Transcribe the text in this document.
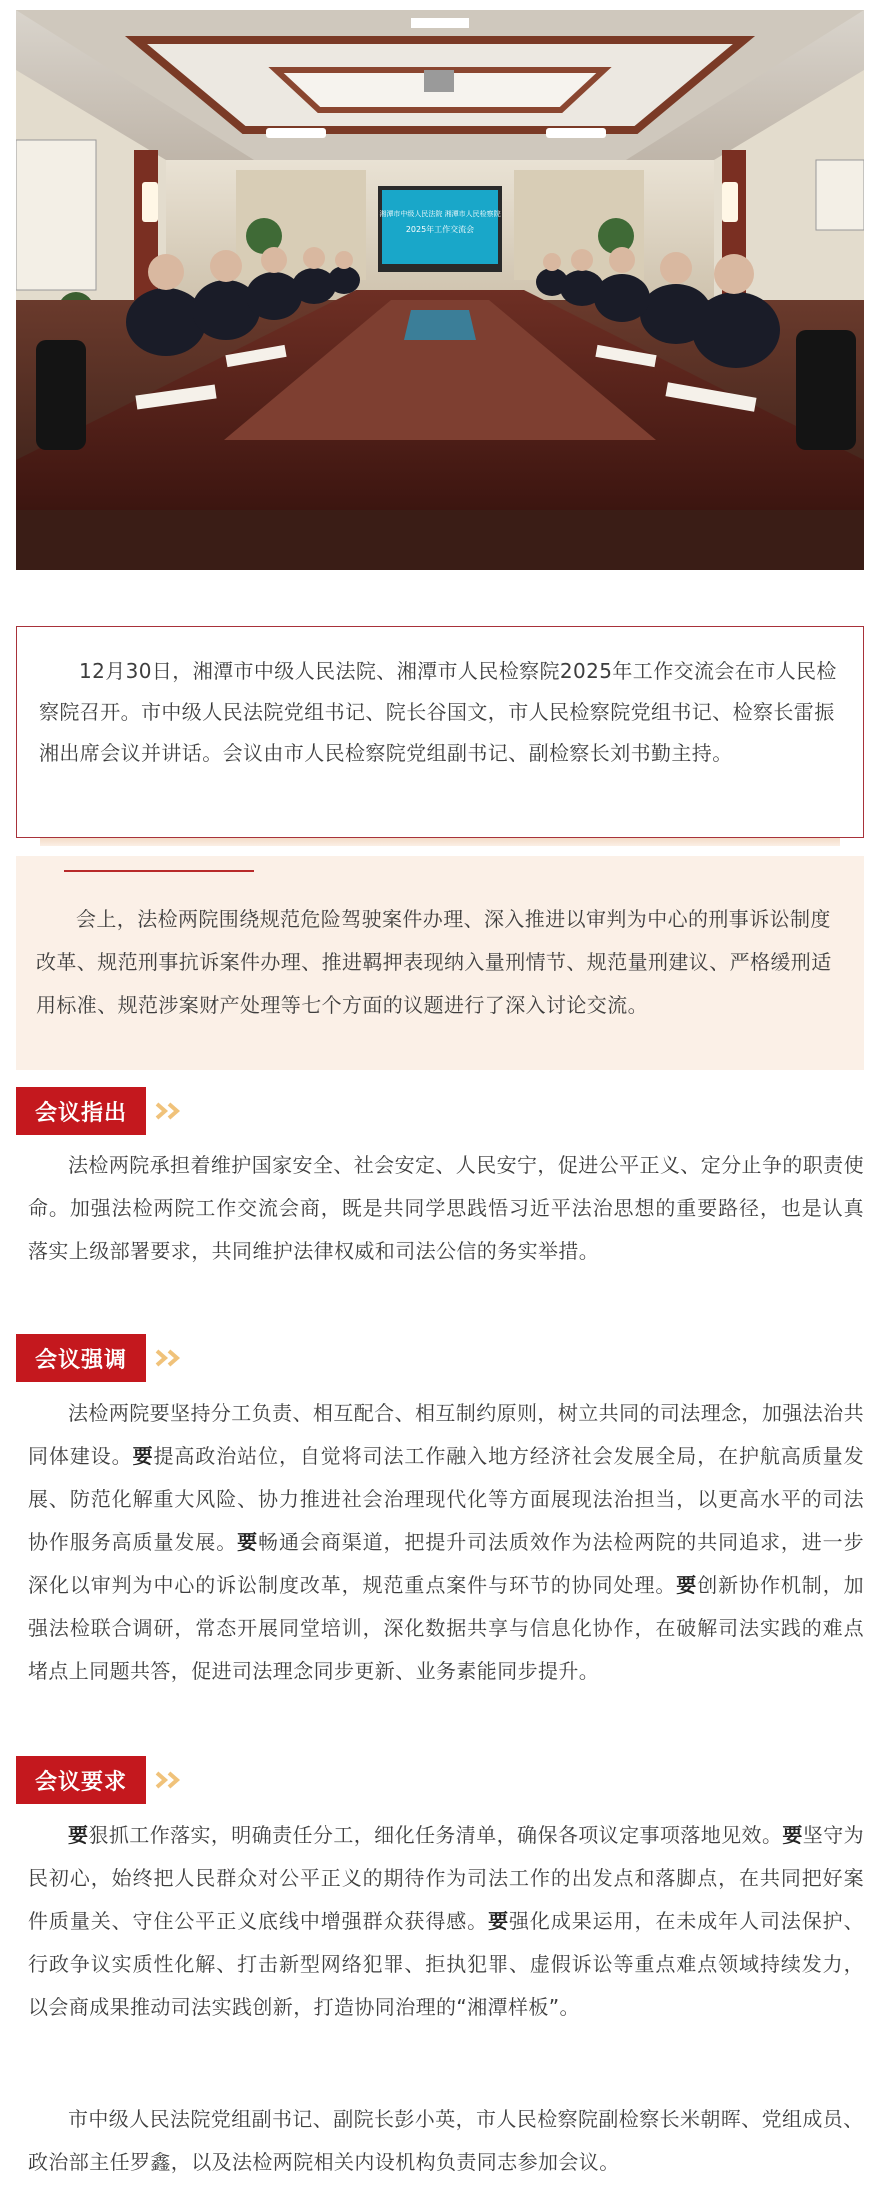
湘潭市中级人民法院 湘潭市人民检察院
2025年工作交流会

12月30日，湘潭市中级人民法院、湘潭市人民检察院2025年工作交流会在市人民检察院召开。市中级人民法院党组书记、院长谷国文，市人民检察院党组书记、检察长雷振湘出席会议并讲话。会议由市人民检察院党组副书记、副检察长刘书勤主持。

会上，法检两院围绕规范危险驾驶案件办理、深入推进以审判为中心的刑事诉讼制度改革、规范刑事抗诉案件办理、推进羁押表现纳入量刑情节、规范量刑建议、严格缓刑适用标准、规范涉案财产处理等七个方面的议题进行了深入讨论交流。

会议指出

法检两院承担着维护国家安全、社会安定、人民安宁，促进公平正义、定分止争的职责使命。加强法检两院工作交流会商，既是共同学思践悟习近平法治思想的重要路径，也是认真落实上级部署要求，共同维护法律权威和司法公信的务实举措。

会议强调

法检两院要坚持分工负责、相互配合、相互制约原则，树立共同的司法理念，加强法治共同体建设。要提高政治站位，自觉将司法工作融入地方经济社会发展全局，在护航高质量发展、防范化解重大风险、协力推进社会治理现代化等方面展现法治担当，以更高水平的司法协作服务高质量发展。要畅通会商渠道，把提升司法质效作为法检两院的共同追求，进一步深化以审判为中心的诉讼制度改革，规范重点案件与环节的协同处理。要创新协作机制，加强法检联合调研，常态开展同堂培训，深化数据共享与信息化协作，在破解司法实践的难点堵点上同题共答，促进司法理念同步更新、业务素能同步提升。

会议要求

要狠抓工作落实，明确责任分工，细化任务清单，确保各项议定事项落地见效。要坚守为民初心，始终把人民群众对公平正义的期待作为司法工作的出发点和落脚点，在共同把好案件质量关、守住公平正义底线中增强群众获得感。要强化成果运用，在未成年人司法保护、行政争议实质性化解、打击新型网络犯罪、拒执犯罪、虚假诉讼等重点难点领域持续发力，以会商成果推动司法实践创新，打造协同治理的“湘潭样板”。

市中级人民法院党组副书记、副院长彭小英，市人民检察院副检察长米朝晖、党组成员、政治部主任罗鑫，以及法检两院相关内设机构负责同志参加会议。
